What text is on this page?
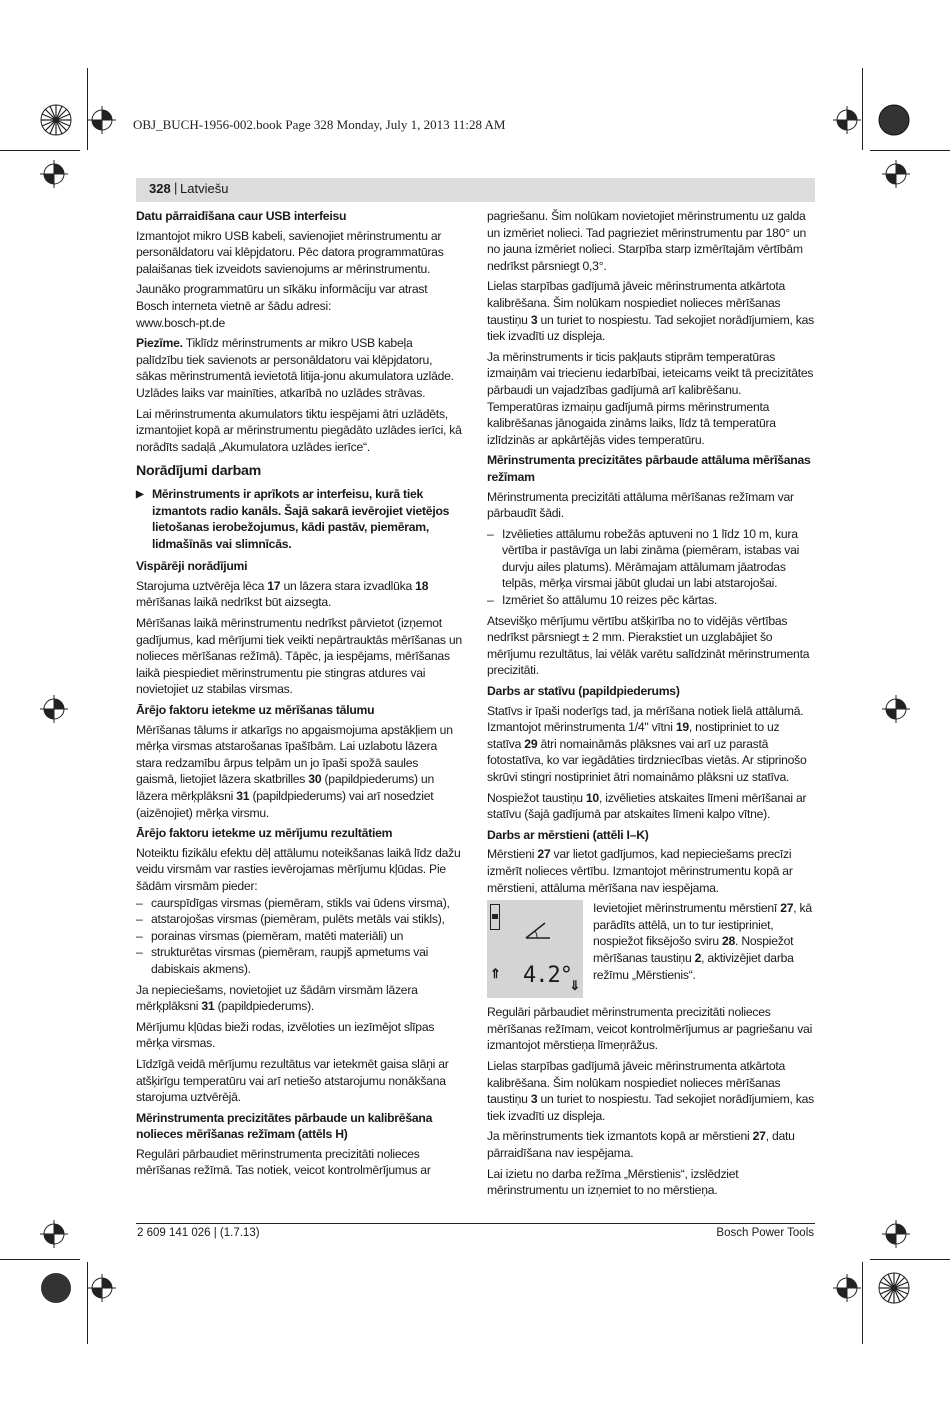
OBJ_BUCH-1956-002.book Page 328 Monday, July 1, 2013 11:28 AM
328 | Latviešu
Datu pārraidīšana caur USB interfeisu

Izmantojot mikro USB kabeli, savienojiet mērinstrumentu ar personāldatoru vai klēpjdatoru. Pēc datora programmatūras palaišanas tiek izveidots savienojums ar mērinstrumentu.

Jaunāko programmatūru un sīkāku informāciju var atrast Bosch interneta vietnē ar šādu adresi:
www.bosch-pt.de

Piezīme. Tiklīdz mērinstruments ar mikro USB kabeļa palīdzību tiek savienots ar personāldatoru vai klēpjdatoru, sākas mērinstrumentā ievietotā litija-jonu akumulatora uzlāde. Uzlādes laiks var mainīties, atkarībā no uzlādes strāvas.

Lai mērinstrumenta akumulators tiktu iespējami ātri uzlādēts, izmantojiet kopā ar mērinstrumentu piegādāto uzlādes ierīci, kā norādīts sadaļā „Akumulatora uzlādes ierīce“.

Norādījumi darbam
▶ Mērinstruments ir aprīkots ar interfeisu, kurā tiek izmantots radio kanāls. Šajā sakarā ievērojiet vietējos lietošanas ierobežojumus, kādi pastāv, piemēram, lidmašīnās vai slimnīcās.
Vispārēji norādījumi

Starojuma uztvērēja lēca 17 un lāzera stara izvadlūka 18 mērīšanas laikā nedrīkst būt aizsegta.

Mērīšanas laikā mērinstrumentu nedrīkst pārvietot (izņemot gadījumus, kad mērījumi tiek veikti nepārtrauktās mērīšanas un nolieces mērīšanas režīmā). Tāpēc, ja iespējams, mērīšanas laikā piespiediet mērinstrumentu pie stingras atdures vai novietojiet uz stabilas virsmas.

Ārējo faktoru ietekme uz mērīšanas tālumu

Mērīšanas tālums ir atkarīgs no apgaismojuma apstākļiem un mērķa virsmas atstarošanas īpašībām. Lai uzlabotu lāzera stara redzamību ārpus telpām un jo īpaši spožā saules gaismā, lietojiet lāzera skatbrilles 30 (papildpiederums) un lāzera mērķplāksni 31 (papildpiederums) vai arī nosedziet (aizēnojiet) mērķa virsmu.

Ārējo faktoru ietekme uz mērījumu rezultātiem

Noteiktu fizikālu efektu dēļ attālumu noteikšanas laikā līdz dažu veidu virsmām var rasties ievērojamas mērījumu kļūdas. Pie šādām virsmām pieder:

– caurspīdīgas virsmas (piemēram, stikls vai ūdens virsma),
– atstarojošas virsmas (piemēram, pulēts metāls vai stikls),
– porainas virsmas (piemēram, matēti materiāli) un
– strukturētas virsmas (piemēram, raupjš apmetums vai dabiskais akmens).

Ja nepieciešams, novietojiet uz šādām virsmām lāzera mērķplāksni 31 (papildpiederums).

Mērījumu kļūdas bieži rodas, izvēloties un iezīmējot slīpas mērķa virsmas.

Līdzīgā veidā mērījumu rezultātus var ietekmēt gaisa slāņi ar atšķirīgu temperatūru vai arī netiešo atstarojumu nonākšana starojuma uztvērējā.

Mērinstrumenta precizitātes pārbaude un kalibrēšana nolieces mērīšanas režīmam (attēls H)

Regulāri pārbaudiet mērinstrumenta precizitāti nolieces mērīšanas režīmā. Tas notiek, veicot kontrolmērījumus ar

pagriešanu. Šim nolūkam novietojiet mērinstrumentu uz galda un izmēriet nolieci. Tad pagrieziet mērinstrumentu par 180° un no jauna izmēriet nolieci. Starpība starp izmērītajām vērtībām nedrīkst pārsniegt 0,3°.

Lielas starpības gadījumā jāveic mērinstrumenta atkārtota kalibrēšana. Šim nolūkam nospiediet nolieces mērīšanas taustiņu 3 un turiet to nospiestu. Tad sekojiet norādījumiem, kas tiek izvadīti uz displeja.

Ja mērinstruments ir ticis pakļauts stiprām temperatūras izmaiņām vai triecienu iedarbībai, ieteicams veikt tā precizitātes pārbaudi un vajadzības gadījumā arī kalibrēšanu. Temperatūras izmaiņu gadījumā pirms mērinstrumenta kalibrēšanas jānogaida zināms laiks, līdz tā temperatūra izlīdzinās ar apkārtējās vides temperatūru.

Mērinstrumenta precizitātes pārbaude attāluma mērīšanas režīmam

Mērinstrumenta precizitāti attāluma mērīšanas režīmam var pārbaudīt šādi.

– Izvēlieties attālumu robežās aptuveni no 1 līdz 10 m, kura vērtība ir pastāvīga un labi zināma (piemēram, istabas vai durvju ailes platums). Mērāmajam attālumam jāatrodas telpās, mērķa virsmai jābūt gludai un labi atstarojošai.
– Izmēriet šo attālumu 10 reizes pēc kārtas.

Atsevišķo mērījumu vērtību atšķirība no to vidējās vērtības nedrīkst pārsniegt ± 2 mm. Pierakstiet un uzglabājiet šo mērījumu rezultātus, lai vēlāk varētu salīdzināt mērinstrumenta precizitāti.

Darbs ar statīvu (papildpiederums)

Statīvs ir īpaši noderīgs tad, ja mērīšana notiek lielā attālumā. Izmantojot mērinstrumenta 1/4" vītni 19, nostipriniet to uz statīva 29 ātri nomaināmās plāksnes vai arī uz parastā fotostatīva, ko var iegādāties tirdzniecības vietās. Ar stiprinošo skrūvi stingri nostipriniet ātri nomaināmo plāksni uz statīva.

Nospiežot taustiņu 10, izvēlieties atskaites līmeni mērīšanai ar statīvu (šajā gadījumā par atskaites līmeni kalpo vītne).

Darbs ar mērstieni (attēli I–K)

Mērstieni 27 var lietot gadījumos, kad nepieciešams precīzi izmērīt nolieces vērtību. Izmantojot mērinstrumentu kopā ar mērstieni, attāluma mērīšana nav iespējama.

⇑ 4.2°
⇓
Ievietojiet mērinstrumentu mērstienī 27, kā parādīts attēlā, un to tur iestipriniet, nospiežot fiksējošo sviru 28. Nospiežot mērīšanas taustiņu 2, aktivizējiet darba režīmu „Mērstienis“.

Regulāri pārbaudiet mērinstrumenta precizitāti nolieces mērīšanas režīmam, veicot kontrolmērījumus ar pagriešanu vai izmantojot mērstieņa līmeņrāžus.

Lielas starpības gadījumā jāveic mērinstrumenta atkārtota kalibrēšana. Šim nolūkam nospiediet nolieces mērīšanas taustiņu 3 un turiet to nospiestu. Tad sekojiet norādījumiem, kas tiek izvadīti uz displeja.

Ja mērinstruments tiek izmantots kopā ar mērstieni 27, datu pārraidīšana nav iespējama.

Lai izietu no darba režīma „Mērstienis“, izslēdziet mērinstrumentu un izņemiet to no mērstieņa.

2 609 141 026 | (1.7.13)	Bosch Power Tools
